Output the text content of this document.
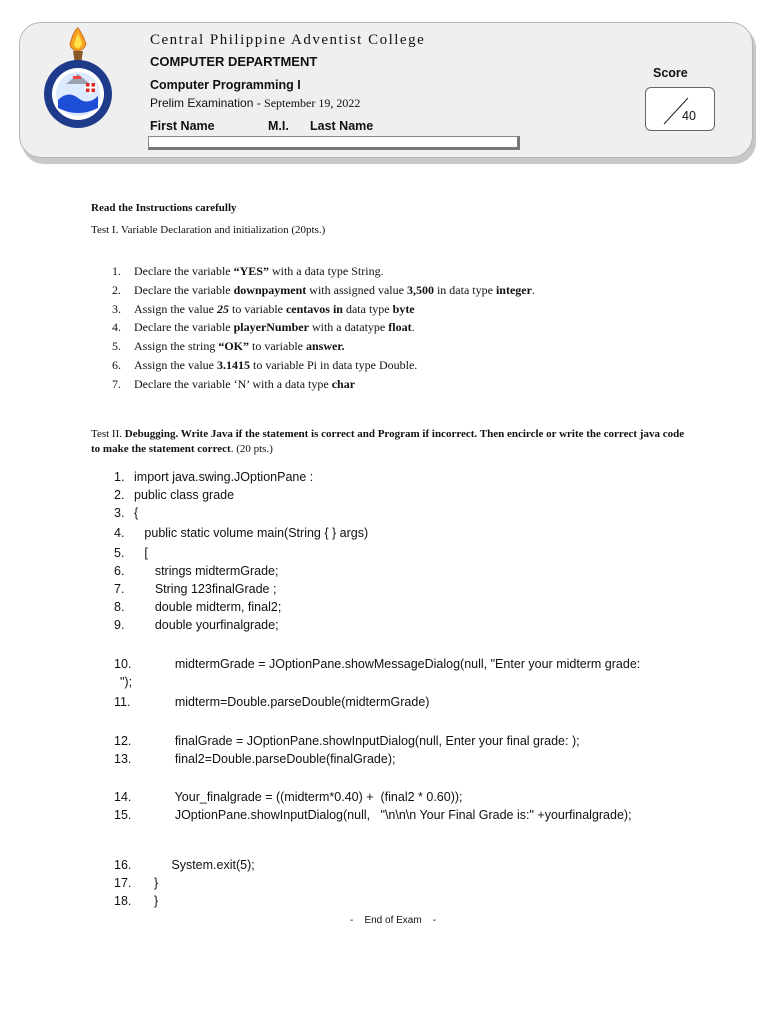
Central Philippine Adventist College
COMPUTER DEPARTMENT
Computer Programming I
Prelim Examination - September 19, 2022
First Name	M.I. Last Name
Score
40
Read the Instructions carefully
Test I. Variable Declaration and initialization (20pts.)
1. Declare the variable “YES” with a data type String.
2. Declare the variable downpayment with assigned value 3,500 in data type integer.
3. Assign the value 25 to variable centavos in data type byte
4. Declare the variable playerNumber with a datatype float.
5. Assign the string “OK” to variable answer.
6. Assign the value 3.1415 to variable Pi in data type Double.
7. Declare the variable ‘N’ with a data type char
Test II. Debugging. Write Java if the statement is correct and Program if incorrect. Then encircle or write the correct java code to make the statement correct. (20 pts.)
1. import java.swing.JOptionPane :
2. public class grade
3. {
4.   public static volume main(String { } args)
5.   [
6.      strings midtermGrade;
7.      String 123finalGrade ;
8.      double midterm, final2;
9.      double yourfinalgrade;
10.      midtermGrade = JOptionPane.showMessageDialog(null, "Enter your midterm grade:
");
11.      midterm=Double.parseDouble(midtermGrade)
12.      finalGrade = JOptionPane.showInputDialog(null, Enter your final grade: );
13.      final2=Double.parseDouble(finalGrade);
14.      Your_finalgrade = ((midterm*0.40) +  (final2 * 0.60));
15.      JOptionPane.showInputDialog(null,   "\n\n\n Your Final Grade is:" +yourfinalgrade);
16.     System.exit(5);
17. }
18. }
-    End of Exam    -
